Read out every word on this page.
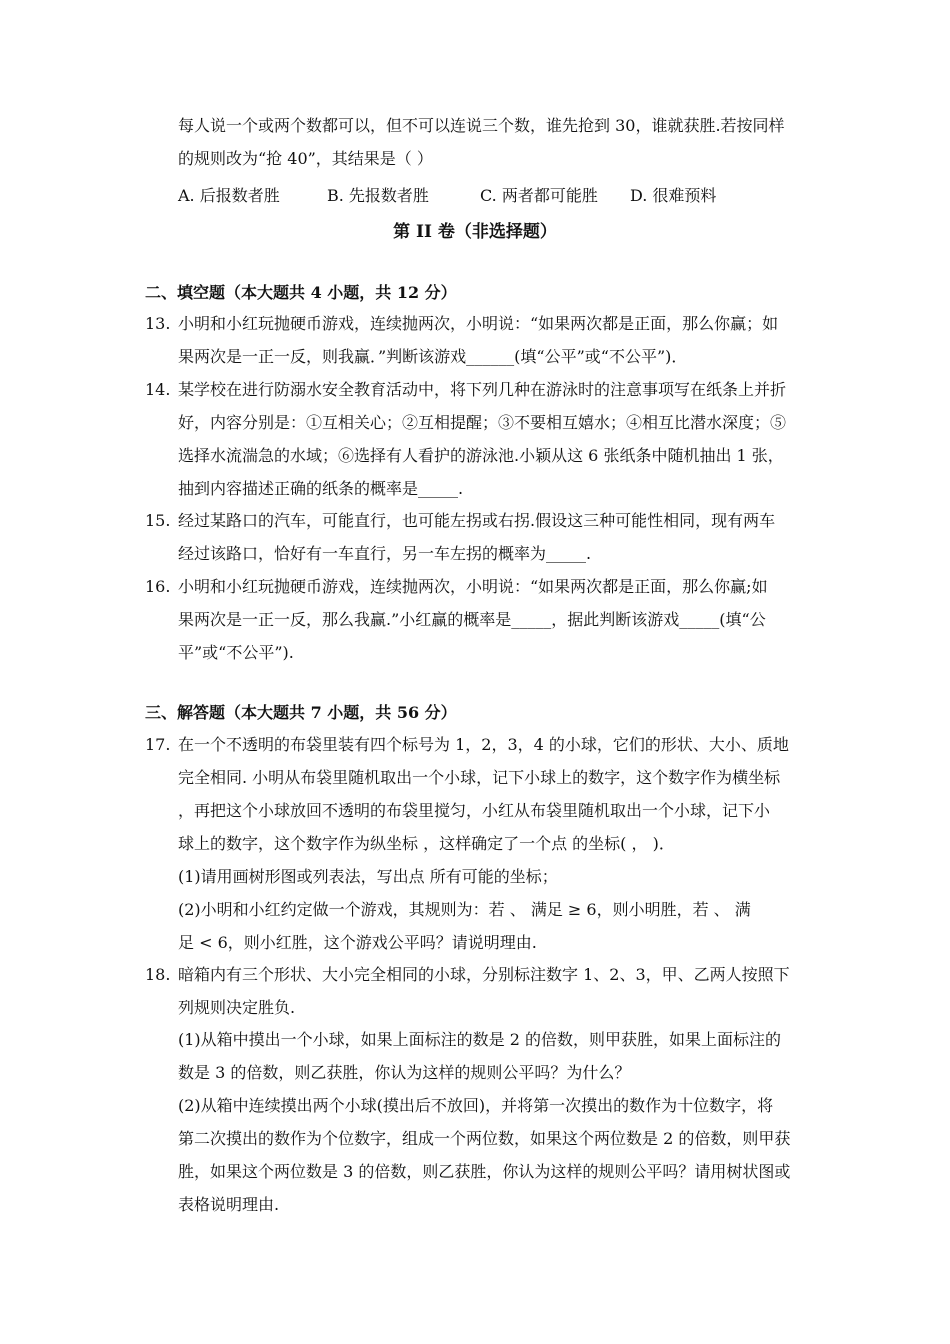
每人说一个或两个数都可以，但不可以连说三个数，谁先抢到 30，谁就获胜.若按同样
的规则改为“抢 40”，其结果是（ ）
A. 后报数者胜	B. 先报数者胜	C. 两者都可能胜 D. 很难预料
第 II 卷（非选择题）
二、填空题（本大题共 4 小题，共 12 分）
13. 小明和小红玩抛硬币游戏，连续抛两次，小明说：“如果两次都是正面，那么你赢；如
果两次是一正一反，则我赢．”判断该游戏______(填“公平”或“不公平”)．
14. 某学校在进行防溺水安全教育活动中，将下列几种在游泳时的注意事项写在纸条上并折
好，内容分别是：①互相关心；②互相提醒；③不要相互嬉水；④相互比潜水深度；⑤
选择水流湍急的水域；⑥选择有人看护的游泳池.小颖从这 6 张纸条中随机抽出 1 张，
抽到内容描述正确的纸条的概率是_____.
15. 经过某路口的汽车，可能直行，也可能左拐或右拐.假设这三种可能性相同，现有两车
经过该路口，恰好有一车直行，另一车左拐的概率为_____.
16. 小明和小红玩抛硬币游戏，连续抛两次，小明说：“如果两次都是正面，那么你赢;如
果两次是一正一反，那么我赢.”小红赢的概率是_____，据此判断该游戏_____(填“公
平”或“不公平”).
三、解答题（本大题共 7 小题，共 56 分）
17. 在一个不透明的布袋里装有四个标号为 1，2，3，4 的小球，它们的形状、大小、质地
完全相同. 小明从布袋里随机取出一个小球，记下小球上的数字，这个数字作为横坐标
，再把这个小球放回不透明的布袋里搅匀，小红从布袋里随机取出一个小球，记下小
球上的数字，这个数字作为纵坐标 ，这样确定了一个点 的坐标( ， )．
(1)请用画树形图或列表法，写出点 所有可能的坐标；
(2)小明和小红约定做一个游戏，其规则为：若 、 满足 ≥ 6，则小明胜，若 、 满
足 < 6，则小红胜，这个游戏公平吗？请说明理由.
18. 暗箱内有三个形状、大小完全相同的小球，分别标注数字 1、2、3，甲、乙两人按照下
列规则决定胜负.
(1)从箱中摸出一个小球，如果上面标注的数是 2 的倍数，则甲获胜，如果上面标注的
数是 3 的倍数，则乙获胜，你认为这样的规则公平吗？为什么？
(2)从箱中连续摸出两个小球(摸出后不放回)，并将第一次摸出的数作为十位数字，将
第二次摸出的数作为个位数字，组成一个两位数，如果这个两位数是 2 的倍数，则甲获
胜，如果这个两位数是 3 的倍数，则乙获胜，你认为这样的规则公平吗？请用树状图或
表格说明理由.
